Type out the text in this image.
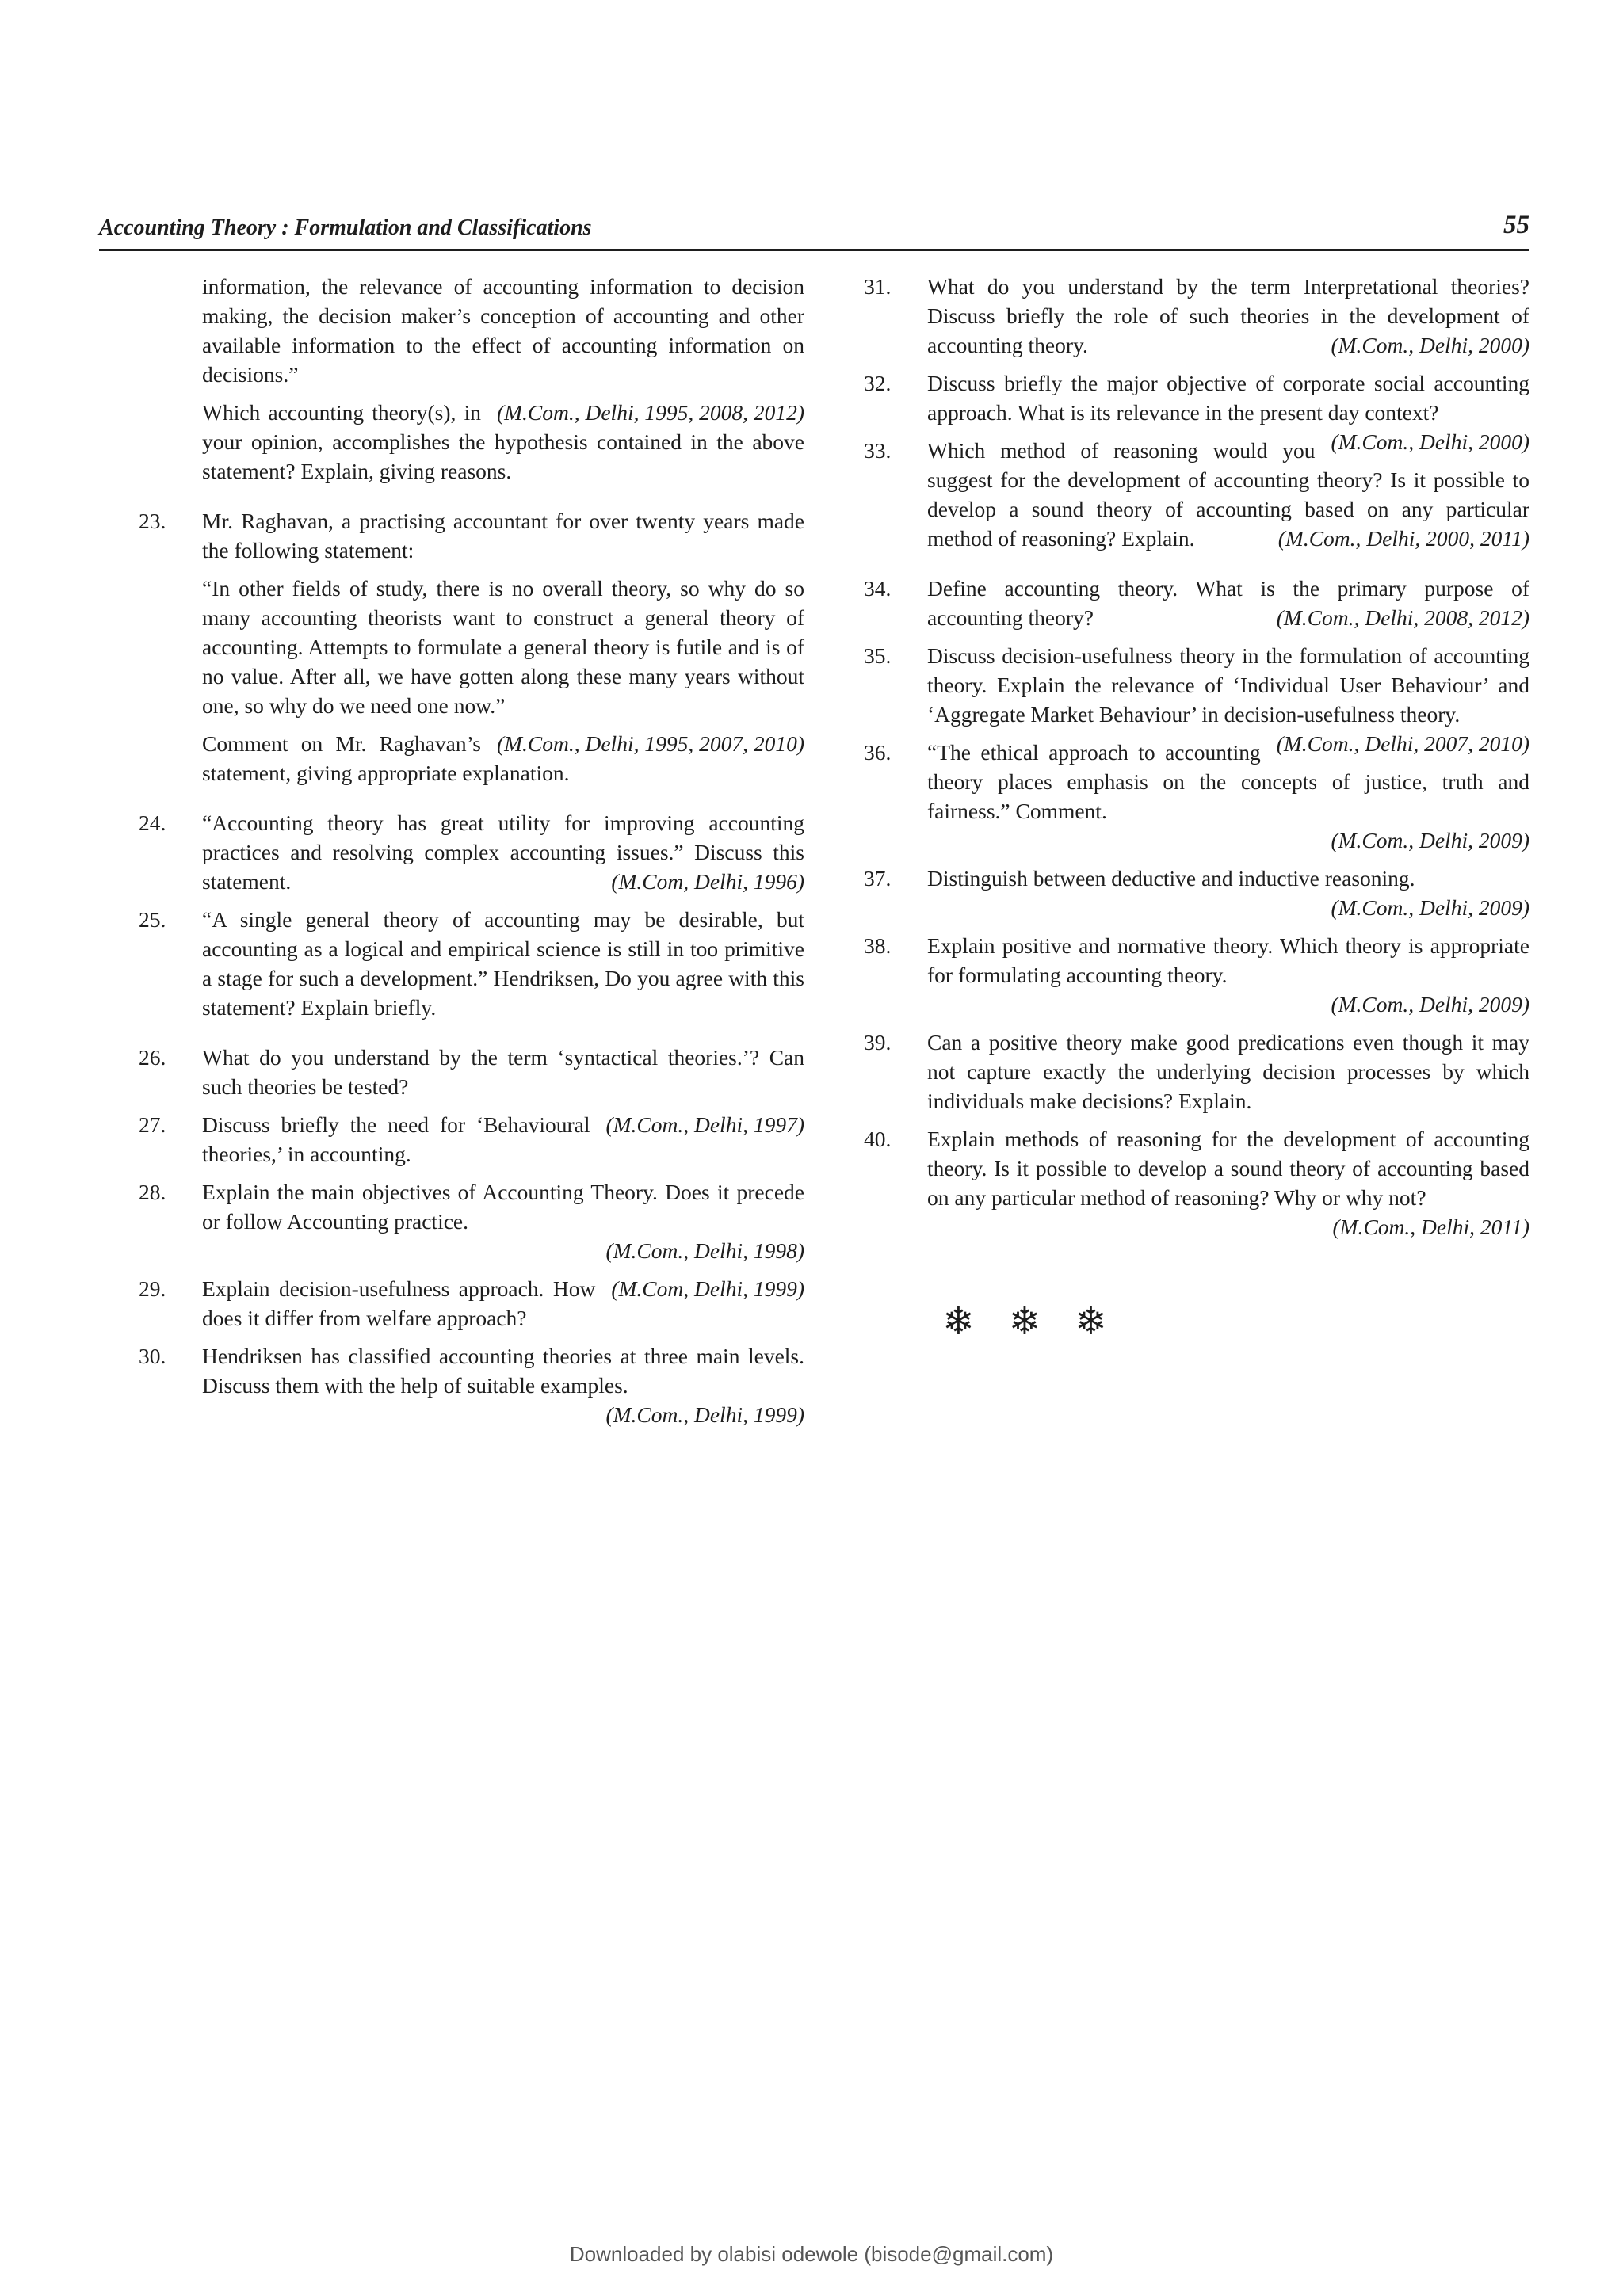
Accounting Theory : Formulation and Classifications	55

information, the relevance of accounting information to decision making, the decision maker’s conception of accounting and other available information to the effect of accounting information on decisions.”

(M.Com., Delhi, 1995, 2008, 2012)
Which accounting theory(s), in your opinion, accomplishes the hypothesis contained in the above statement? Explain, giving reasons.

23. Mr. Raghavan, a practising accountant for over twenty years made the following statement:

“In other fields of study, there is no overall theory, so why do so many accounting theorists want to construct a general theory of accounting. Attempts to formulate a general theory is futile and is of no value. After all, we have gotten along these many years without one, so why do we need one now.”

(M.Com., Delhi, 1995, 2007, 2010)
Comment on Mr. Raghavan’s statement, giving appropriate explanation.

24. “Accounting theory has great utility for improving accounting practices and resolving complex accounting issues.” Discuss this statement.	(M.Com, Delhi, 1996)

25. “A single general theory of accounting may be desirable, but accounting as a logical and empirical science is still in too primitive a stage for such a development.” Hendriksen, Do you agree with this statement? Explain briefly.

26. What do you understand by the term ‘syntactical theories.’? Can such theories be tested?

27.	(M.Com., Delhi, 1997)
Discuss briefly the need for ‘Behavioural theories,’ in accounting.

28. Explain the main objectives of Accounting Theory. Does it precede or follow Accounting practice.

(M.Com., Delhi, 1998)
29.	(M.Com, Delhi, 1999)
Explain decision-usefulness approach. How does it differ from welfare approach?

30. Hendriksen has classified accounting theories at three main levels. Discuss them with the help of suitable examples.

(M.Com., Delhi, 1999)
31. What do you understand by the term Interpretational theories? Discuss briefly the role of such theories in the development of accounting theory.	(M.Com., Delhi, 2000)

32. Discuss briefly the major objective of corporate social accounting approach. What is its relevance in the present day context?
(M.Com., Delhi, 2000)

33. Which method of reasoning would you suggest for the development of accounting theory? Is it possible to develop a sound theory of accounting based on any particular method of reasoning? Explain.	(M.Com., Delhi, 2000, 2011)

34. Define accounting theory. What is the primary purpose of accounting theory?	(M.Com., Delhi, 2008, 2012)

35. Discuss decision-usefulness theory in the formulation of accounting theory. Explain the relevance of ‘Individual User Behaviour’ and ‘Aggregate Market Behaviour’ in decision-usefulness theory.
(M.Com., Delhi, 2007, 2010)

36. “The ethical approach to accounting theory places emphasis on the concepts of justice, truth and fairness.” Comment.

(M.Com., Delhi, 2009)
37. Distinguish between deductive and inductive reasoning.

(M.Com., Delhi, 2009)
38. Explain positive and normative theory. Which theory is appropriate for formulating accounting theory.

(M.Com., Delhi, 2009)
39. Can a positive theory make good predications even though it may not capture exactly the underlying decision processes by which individuals make decisions? Explain.

40. Explain methods of reasoning for the development of accounting theory. Is it possible to develop a sound theory of accounting based on any particular method of reasoning? Why or why not?
(M.Com., Delhi, 2011)

❄ ❄ ❄
Downloaded by olabisi odewole (bisode@gmail.com)
